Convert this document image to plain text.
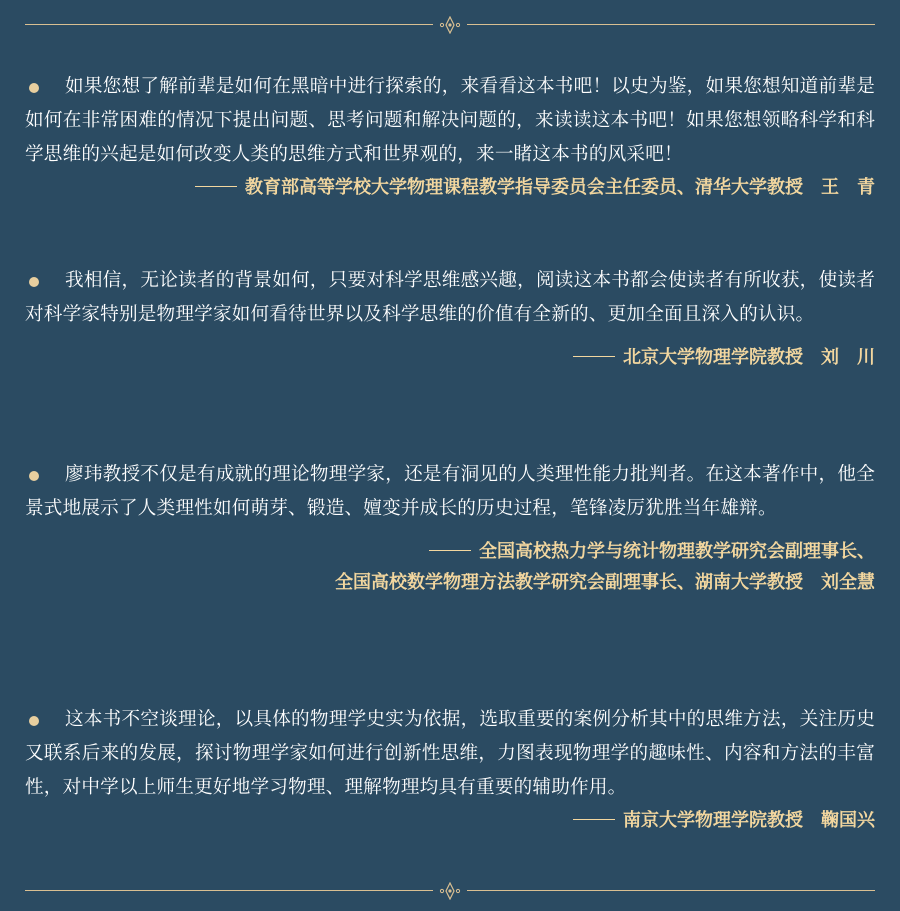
如果您想了解前辈是如何在黑暗中进行探索的，来看看这本书吧！以史为鉴，如果您想知道前辈是如何在非常困难的情况下提出问题、思考问题和解决问题的，来读读这本书吧！如果您想领略科学和科学思维的兴起是如何改变人类的思维方式和世界观的，来一睹这本书的风采吧！

教育部高等学校大学物理课程教学指导委员会主任委员、清华大学教授 王　青

我相信，无论读者的背景如何，只要对科学思维感兴趣，阅读这本书都会使读者有所收获，使读者对科学家特别是物理学家如何看待世界以及科学思维的价值有全新的、更加全面且深入的认识。

北京大学物理学院教授 刘　川

廖玮教授不仅是有成就的理论物理学家，还是有洞见的人类理性能力批判者。在这本著作中，他全景式地展示了人类理性如何萌芽、锻造、嬗变并成长的历史过程，笔锋凌厉犹胜当年雄辩。

全国高校热力学与统计物理教学研究会副理事长、

全国高校数学物理方法教学研究会副理事长、湖南大学教授 刘全慧

这本书不空谈理论，以具体的物理学史实为依据，选取重要的案例分析其中的思维方法，关注历史又联系后来的发展，探讨物理学家如何进行创新性思维，力图表现物理学的趣味性、内容和方法的丰富性，对中学以上师生更好地学习物理、理解物理均具有重要的辅助作用。

南京大学物理学院教授 鞠国兴
